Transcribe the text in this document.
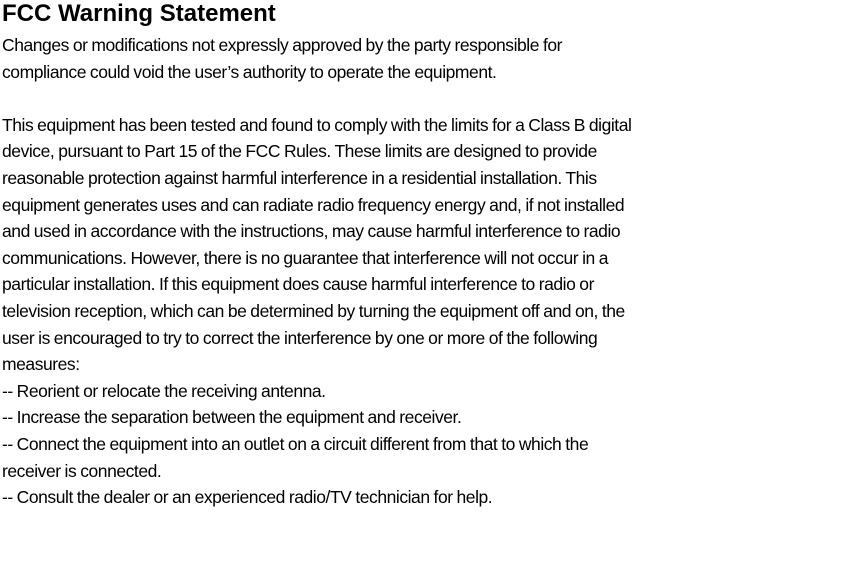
FCC Warning Statement

Changes or modifications not expressly approved by the party responsible for
compliance could void the user’s authority to operate the equipment.

This equipment has been tested and found to comply with the limits for a Class B digital
device, pursuant to Part 15 of the FCC Rules. These limits are designed to provide
reasonable protection against harmful interference in a residential installation. This
equipment generates uses and can radiate radio frequency energy and, if not installed
and used in accordance with the instructions, may cause harmful interference to radio
communications. However, there is no guarantee that interference will not occur in a
particular installation. If this equipment does cause harmful interference to radio or
television reception, which can be determined by turning the equipment off and on, the
user is encouraged to try to correct the interference by one or more of the following
measures:
-- Reorient or relocate the receiving antenna.
-- Increase the separation between the equipment and receiver.
-- Connect the equipment into an outlet on a circuit different from that to which the
receiver is connected.
-- Consult the dealer or an experienced radio/TV technician for help.
